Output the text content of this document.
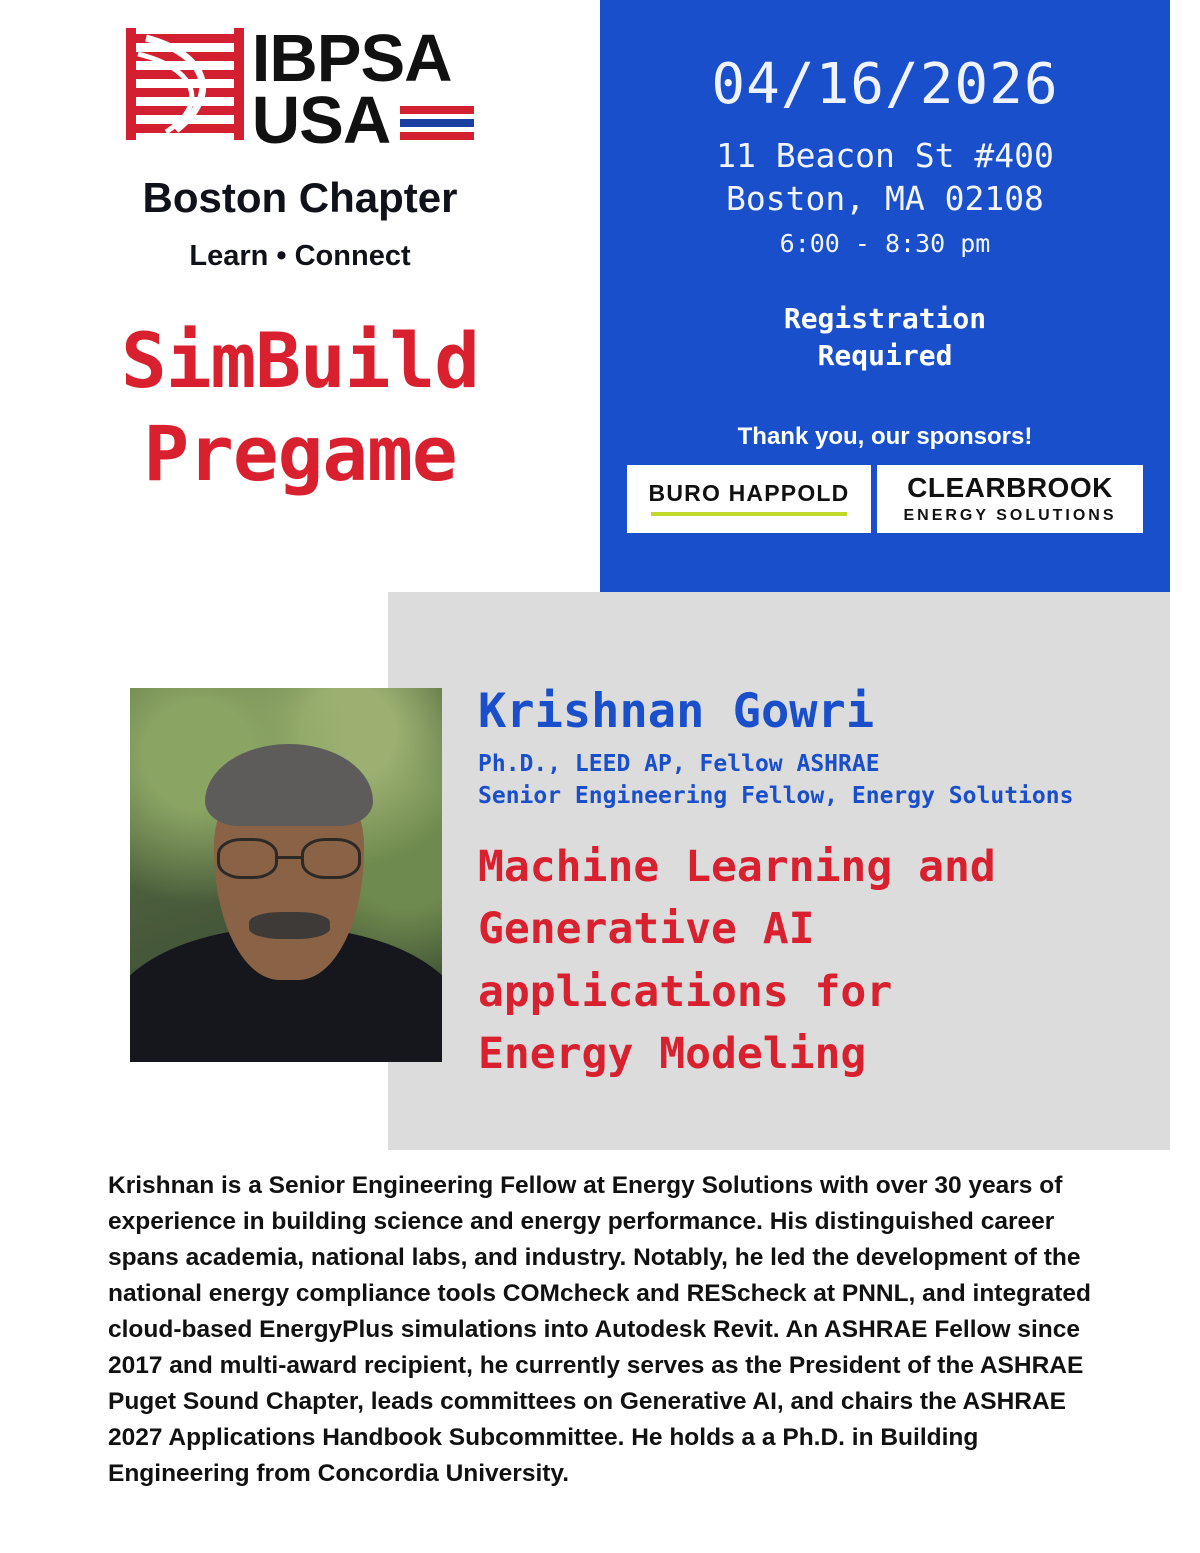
04/16/2026
11 Beacon St #400
Boston, MA 02108
6:00 - 8:30 pm
Registration
Required
Thank you, our sponsors!
BURO HAPPOLD CLEARBROOK
ENERGY SOLUTIONS
IBPSA
USA
Boston Chapter
Learn • Connect
SimBuild
Pregame
Krishnan Gowri
Ph.D., LEED AP, Fellow ASHRAE
Senior Engineering Fellow, Energy Solutions
Machine Learning and
Generative AI
applications for
Energy Modeling
Krishnan is a Senior Engineering Fellow at Energy Solutions with over 30 years of experience in building science and energy performance. His distinguished career spans academia, national labs, and industry. Notably, he led the development of the national energy compliance tools COMcheck and REScheck at PNNL, and integrated cloud-based EnergyPlus simulations into Autodesk Revit. An ASHRAE Fellow since 2017 and multi-award recipient, he currently serves as the President of the ASHRAE Puget Sound Chapter, leads committees on Generative AI, and chairs the ASHRAE 2027 Applications Handbook Subcommittee. He holds a a Ph.D. in Building Engineering from Concordia University.
